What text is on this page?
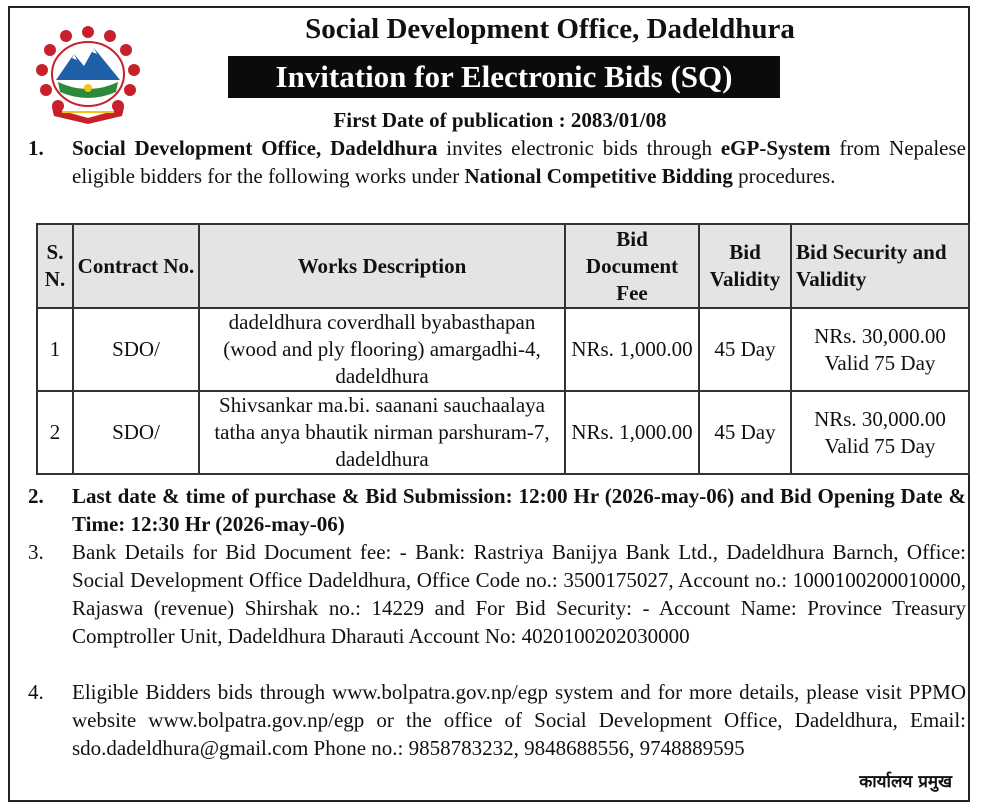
Social Development Office, Dadeldhura
Invitation for Electronic Bids (SQ)
First Date of publication : 2083/01/08
1.	Social Development Office, Dadeldhura invites electronic bids through eGP-System from Nepalese eligible bidders for the following works under National Competitive Bidding procedures.
S. N.	Contract No.	Works Description	Bid Document Fee	Bid Validity	Bid Security and Validity
1	SDO/	dadeldhura coverdhall byabasthapan (wood and ply flooring) amargadhi-4, dadeldhura	NRs. 1,000.00	45 Day	NRs. 30,000.00 Valid 75 Day
2	SDO/	Shivsankar ma.bi. saanani sauchaalaya tatha anya bhautik nirman parshuram-7, dadeldhura	NRs. 1,000.00	45 Day	NRs. 30,000.00 Valid 75 Day
2.	Last date & time of purchase & Bid Submission: 12:00 Hr (2026-may-06) and Bid Opening Date & Time: 12:30 Hr (2026-may-06)
3.	Bank Details for Bid Document fee: - Bank: Rastriya Banijya Bank Ltd., Dadeldhura Barnch, Office: Social Development Office Dadeldhura, Office Code no.: 3500175027, Account no.: 1000100200010000, Rajaswa (revenue) Shirshak no.: 14229 and For Bid Security: - Account Name: Province Treasury Comptroller Unit, Dadeldhura Dharauti Account No: 4020100202030000
4.	Eligible Bidders bids through www.bolpatra.gov.np/egp system and for more details, please visit PPMO website www.bolpatra.gov.np/egp or the office of Social Development Office, Dadeldhura, Email: sdo.dadeldhura@gmail.com Phone no.: 9858783232, 9848688556, 9748889595
कार्यालय प्रमुख
